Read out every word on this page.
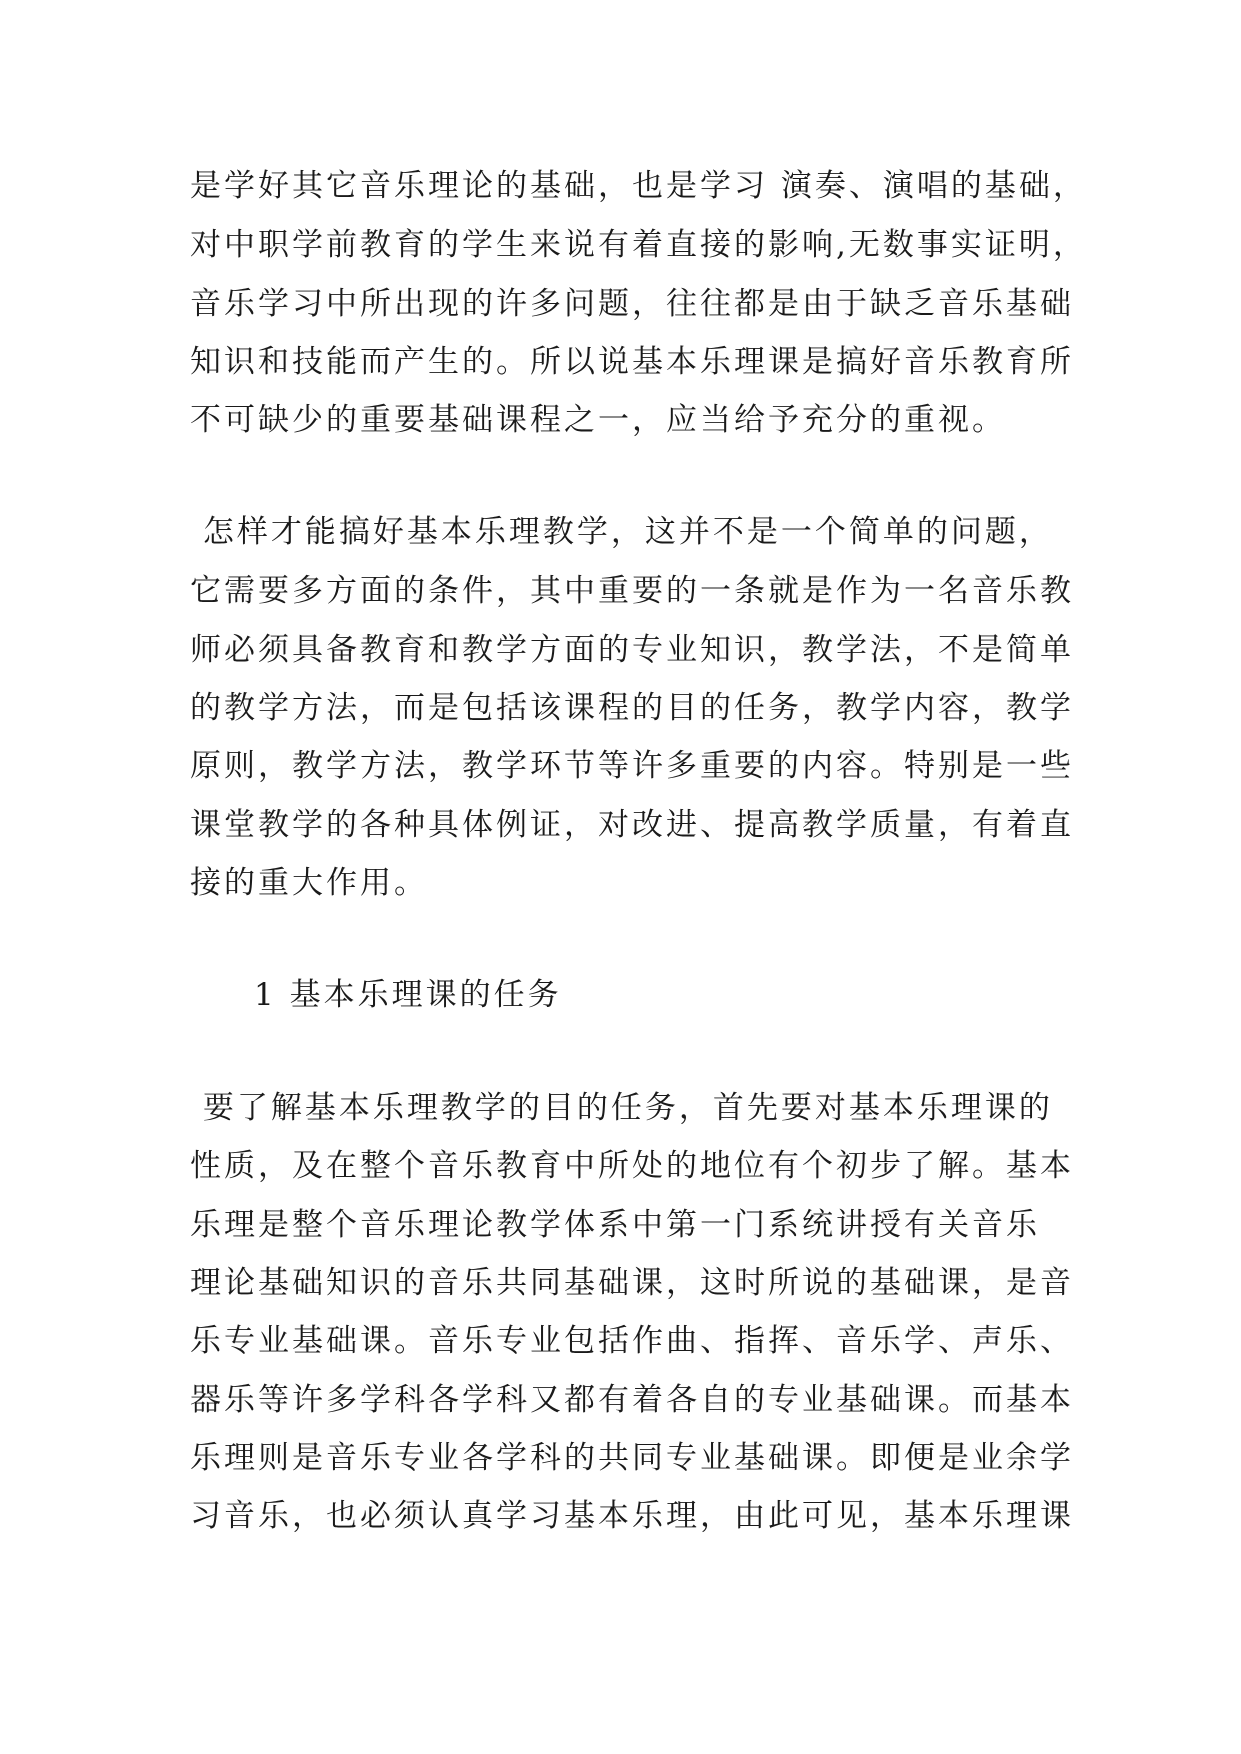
是学好其它音乐理论的基础，也是学习 演奏、演唱的基础，
对中职学前教育的学生来说有着直接的影响,无数事实证明，
音乐学习中所出现的许多问题，往往都是由于缺乏音乐基础
知识和技能而产生的。所以说基本乐理课是搞好音乐教育所
不可缺少的重要基础课程之一，应当给予充分的重视。
怎样才能搞好基本乐理教学，这并不是一个简单的问题，
它需要多方面的条件，其中重要的一条就是作为一名音乐教
师必须具备教育和教学方面的专业知识，教学法，不是简单
的教学方法，而是包括该课程的目的任务，教学内容，教学
原则，教学方法，教学环节等许多重要的内容。特别是一些
课堂教学的各种具体例证，对改进、提高教学质量，有着直
接的重大作用。
1 基本乐理课的任务
要了解基本乐理教学的目的任务，首先要对基本乐理课的
性质，及在整个音乐教育中所处的地位有个初步了解。基本
乐理是整个音乐理论教学体系中第一门系统讲授有关音乐
理论基础知识的音乐共同基础课，这时所说的基础课，是音
乐专业基础课。音乐专业包括作曲、指挥、音乐学、声乐、
器乐等许多学科各学科又都有着各自的专业基础课。而基本
乐理则是音乐专业各学科的共同专业基础课。即便是业余学
习音乐，也必须认真学习基本乐理，由此可见，基本乐理课
